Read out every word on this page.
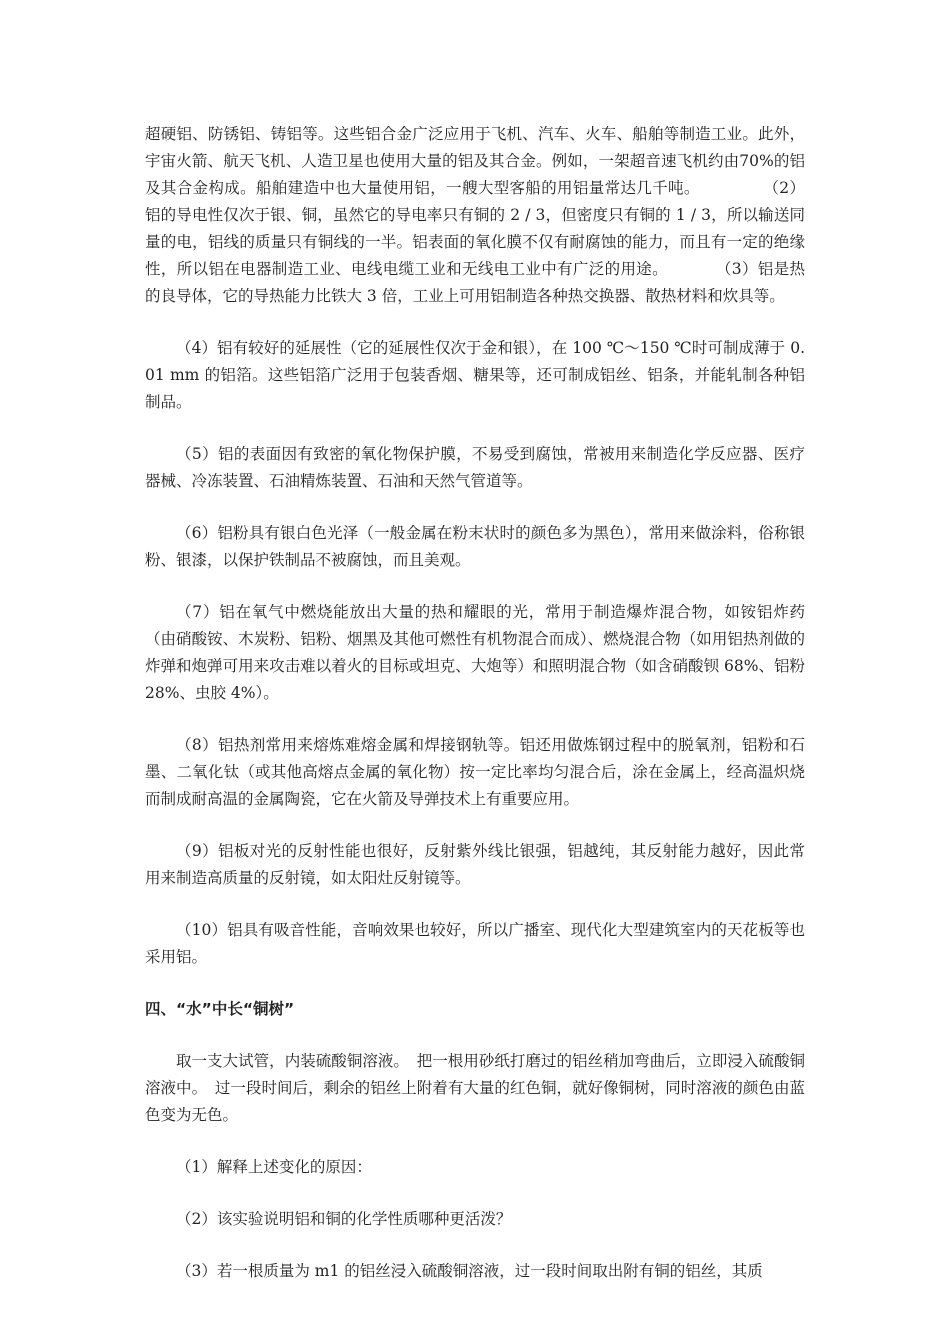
超硬铝、防锈铝、铸铝等。这些铝合金广泛应用于飞机、汽车、火车、船舶等制造工业。此外，宇宙火箭、航天飞机、人造卫星也使用大量的铝及其合金。例如，一架超音速飞机约由70%的铝及其合金构成。船舶建造中也大量使用铝，一艘大型客船的用铝量常达几千吨。　　　　　（2）铝的导电性仅次于银、铜，虽然它的导电率只有铜的 2 / 3，但密度只有铜的 1 / 3，所以输送同量的电，铝线的质量只有铜线的一半。铝表面的氧化膜不仅有耐腐蚀的能力，而且有一定的绝缘性，所以铝在电器制造工业、电线电缆工业和无线电工业中有广泛的用途。　　　　（3）铝是热的良导体，它的导热能力比铁大 3 倍，工业上可用铝制造各种热交换器、散热材料和炊具等。

（4）铝有较好的延展性（它的延展性仅次于金和银），在 100 ℃～150 ℃时可制成薄于 0.01 mm 的铝箔。这些铝箔广泛用于包装香烟、糖果等，还可制成铝丝、铝条，并能轧制各种铝制品。

（5）铝的表面因有致密的氧化物保护膜，不易受到腐蚀，常被用来制造化学反应器、医疗器械、冷冻装置、石油精炼装置、石油和天然气管道等。

（6）铝粉具有银白色光泽（一般金属在粉末状时的颜色多为黑色），常用来做涂料，俗称银粉、银漆，以保护铁制品不被腐蚀，而且美观。

（7）铝在氧气中燃烧能放出大量的热和耀眼的光，常用于制造爆炸混合物，如铵铝炸药（由硝酸铵、木炭粉、铝粉、烟黑及其他可燃性有机物混合而成）、燃烧混合物（如用铝热剂做的炸弹和炮弹可用来攻击难以着火的目标或坦克、大炮等）和照明混合物（如含硝酸钡 68%、铝粉 28%、虫胶 4%）。

（8）铝热剂常用来熔炼难熔金属和焊接钢轨等。铝还用做炼钢过程中的脱氧剂，铝粉和石墨、二氧化钛（或其他高熔点金属的氧化物）按一定比率均匀混合后，涂在金属上，经高温炽烧而制成耐高温的金属陶瓷，它在火箭及导弹技术上有重要应用。

（9）铝板对光的反射性能也很好，反射紫外线比银强，铝越纯，其反射能力越好，因此常用来制造高质量的反射镜，如太阳灶反射镜等。

（10）铝具有吸音性能，音响效果也较好，所以广播室、现代化大型建筑室内的天花板等也采用铝。

四、“水”中长“铜树”

取一支大试管，内装硫酸铜溶液。　把一根用砂纸打磨过的铝丝稍加弯曲后，立即浸入硫酸铜溶液中。　过一段时间后，剩余的铝丝上附着有大量的红色铜，就好像铜树，同时溶液的颜色由蓝色变为无色。

（1）解释上述变化的原因：

（2）该实验说明铝和铜的化学性质哪种更活泼？

（3）若一根质量为 m1 的铝丝浸入硫酸铜溶液，过一段时间取出附有铜的铝丝，其质
